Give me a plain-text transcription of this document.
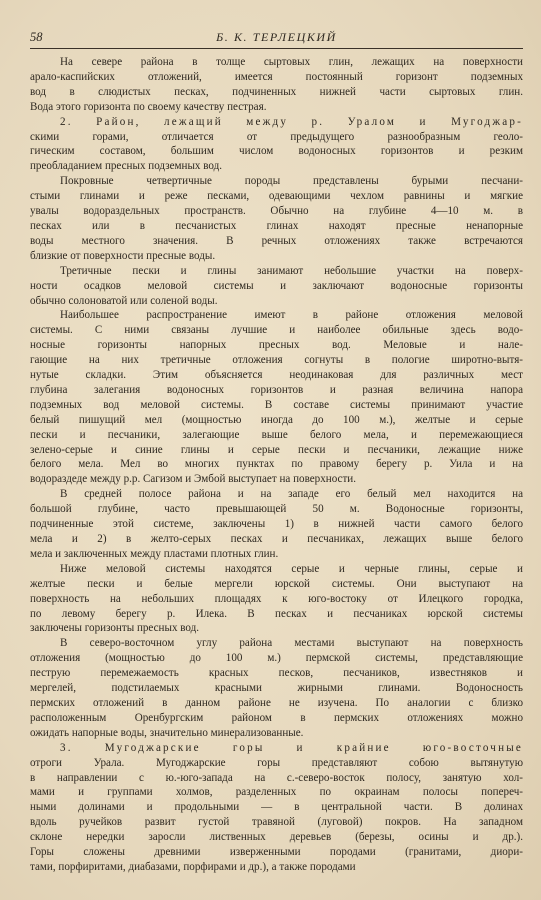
58	Б. К. ТЕРЛЕЦКИЙ

На севере района в толще сыртовых глин, лежащих на поверхности
арало-каспийских отложений, имеется постоянный горизонт подземных
вод в слюдистых песках, подчиненных нижней части сыртовых глин.
Вода этого горизонта по своему качеству пестрая.

2. Район, лежащий между р. Уралом и Мугоджар-
скими горами, отличается от предыдущего разнообразным геоло-
гическим составом, большим числом водоносных горизонтов и резким
преобладанием пресных подземных вод.

Покровные четвертичные породы представлены бурыми песчани-
стыми глинами и реже песками, одевающими чехлом равнины и мягкие
увалы водораздельных пространств. Обычно на глубине 4—10 м. в
песках или в песчанистых глинах находят пресные ненапорные
воды местного значения. В речных отложениях также встречаются
близкие от поверхности пресные воды.

Третичные пески и глины занимают небольшие участки на поверх-
ности осадков меловой системы и заключают водоносные горизонты
обычно солоноватой или соленой воды.

Наибольшее распространение имеют в районе отложения меловой
системы. С ними связаны лучшие и наиболее обильные здесь водо-
носные горизонты напорных пресных вод. Меловые и нале-
гающие на них третичные отложения согнуты в пологие широтно-вытя-
нутые складки. Этим объясняется неодинаковая для различных мест
глубина залегания водоносных горизонтов и разная величина напора
подземных вод меловой системы. В составе системы принимают участие
белый пишущий мел (мощностью иногда до 100 м.), желтые и серые
пески и песчаники, залегающие выше белого мела, и перемежающиеся
зелено-серые и синие глины и серые пески и песчаники, лежащие ниже
белого мела. Мел во многих пунктах по правому берегу р. Уила и на
водораздеде между р.р. Сагизом и Эмбой выступает на поверхности.

В средней полосе района и на западе его белый мел находится на
большой глубине, часто превышающей 50 м. Водоносные горизонты,
подчиненные этой системе, заключены 1) в нижней части самого белого
мела и 2) в желто-серых песках и песчаниках, лежащих выше белого
мела и заключенных между пластами плотных глин.

Ниже меловой системы находятся серые и черные глины, серые и
желтые пески и белые мергели юрской системы. Они выступают на
поверхность на небольших площадях к юго-востоку от Илецкого городка,
по левому берегу р. Илека. В песках и песчаниках юрской системы
заключены горизонты пресных вод.

В северо-восточном углу района местами выступают на поверхность
отложения (мощностью до 100 м.) пермской системы, представляющие
пеструю перемежаемость красных песков, песчаников, известняков и
мергелей, подстилаемых красными жирными глинами. Водоносность
пермских отложений в данном районе не изучена. По аналогии с близко
расположенным Оренбургским районом в пермских отложениях можно
ожидать напорные воды, значительно минерализованные.

3. Мугоджарские горы и крайние юго-восточные
отроги Урала. Мугоджарские горы представляют собою вытянутую
в направлении с ю.-юго-запада на с.-северо-восток полосу, занятую хол-
мами и группами холмов, разделенных по окраинам полосы попереч-
ными долинами и продольными — в центральной части. В долинах
вдоль ручейков развит густой травяной (луговой) покров. На западном
склоне нередки заросли лиственных деревьев (березы, осины и др.).
Горы сложены древними изверженными породами (гранитами, диори-
тами, порфиритами, диабазами, порфирами и др.), а также породами
